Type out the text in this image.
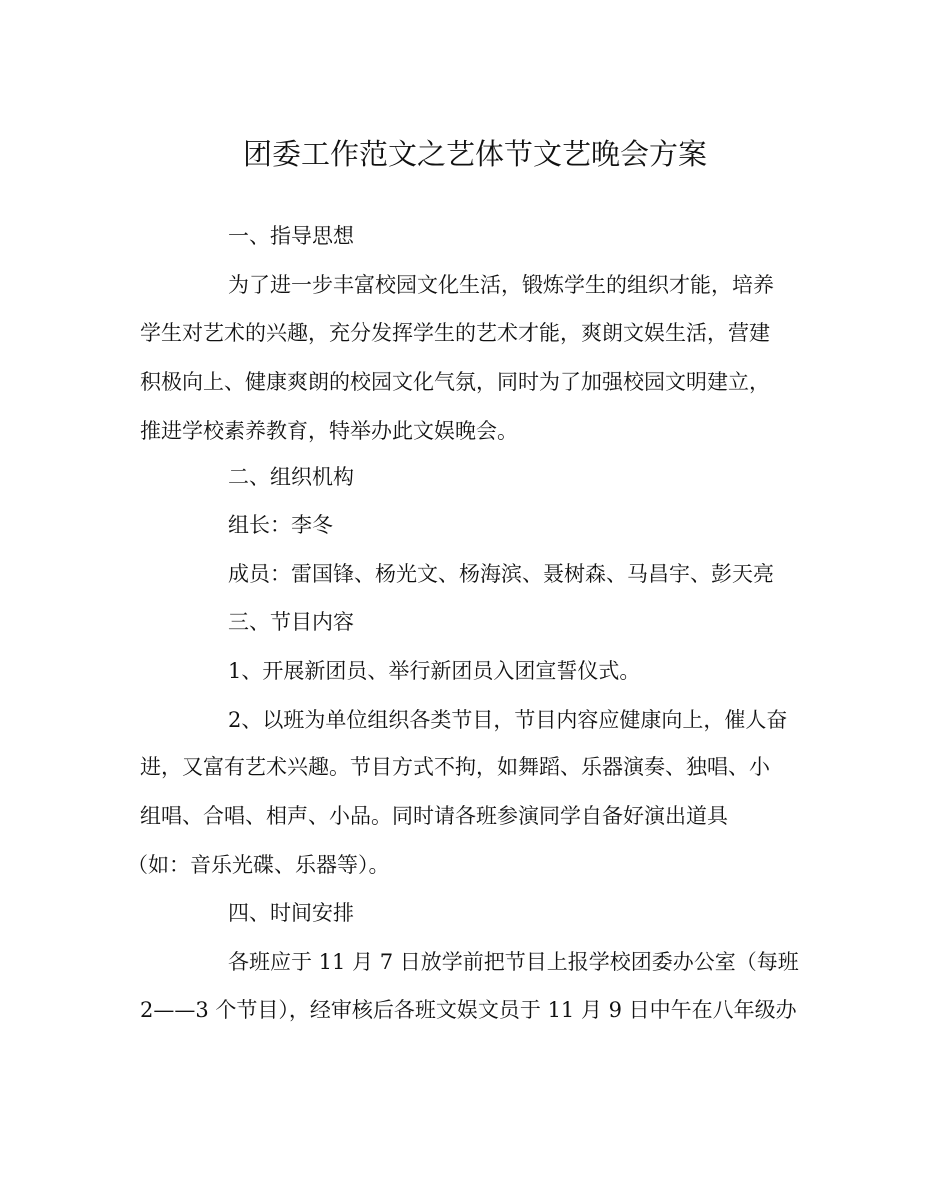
团委工作范文之艺体节文艺晚会方案
一、指导思想
为了进一步丰富校园文化生活，锻炼学生的组织才能，培养
学生对艺术的兴趣，充分发挥学生的艺术才能，爽朗文娱生活，营建
积极向上、健康爽朗的校园文化气氛，同时为了加强校园文明建立，
推进学校素养教育，特举办此文娱晚会。
二、组织机构
组长：李冬
成员：雷国锋、杨光文、杨海滨、聂树森、马昌宇、彭天亮
三、节目内容
1、开展新团员、举行新团员入团宣誓仪式。
2、以班为单位组织各类节目，节目内容应健康向上，催人奋
进，又富有艺术兴趣。节目方式不拘，如舞蹈、乐器演奏、独唱、小
组唱、合唱、相声、小品。同时请各班参演同学自备好演出道具
（如：音乐光碟、乐器等）。
四、时间安排
各班应于 11 月 7 日放学前把节目上报学校团委办公室（每班
2——3 个节目），经审核后各班文娱文员于 11 月 9 日中午在八年级办
